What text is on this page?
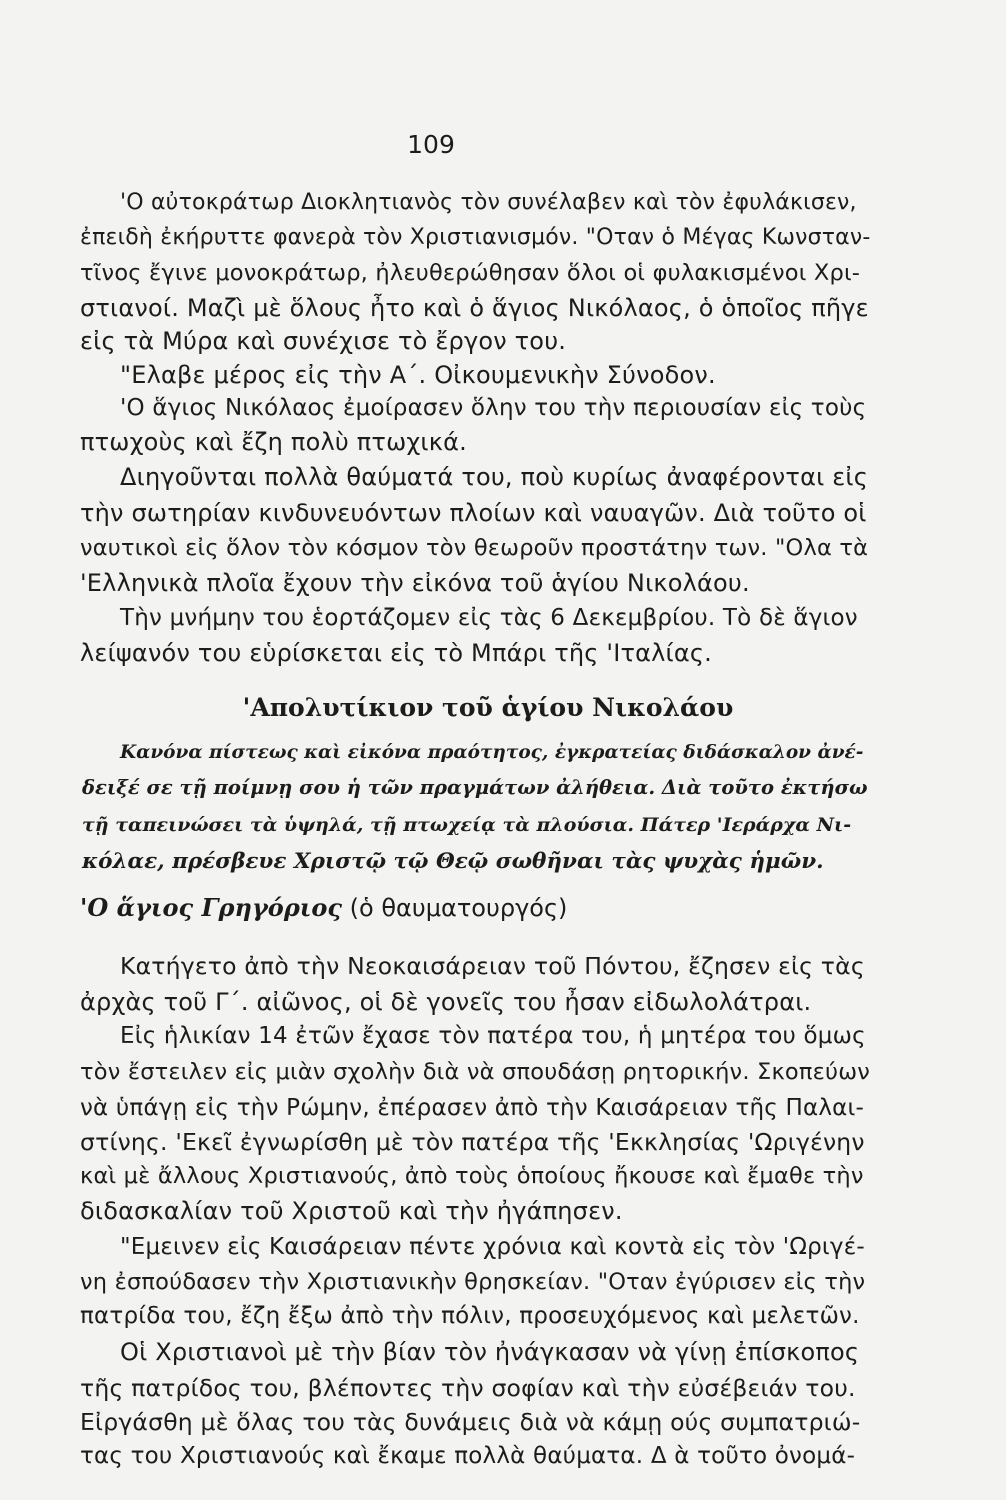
109
'Ο αὐτοκράτωρ Διοκλητιανὸς τὸν συνέλαβεν καὶ τὸν ἐφυλάκισεν,
ἐπειδὴ ἐκήρυττε φανερὰ τὸν Χριστιανισμόν. "Οταν ὁ Μέγας Κωνσταν-
τῖνος ἔγινε μονοκράτωρ, ἠλευθερώθησαν ὅλοι οἱ φυλακισμένοι Χρι-
στιανοί. Μαζὶ μὲ ὅλους ἦτο καὶ ὁ ἅγιος Νικόλαος, ὁ ὁποῖος πῆγε
εἰς τὰ Μύρα καὶ συνέχισε τὸ ἔργον του.
"Ελαβε μέρος εἰς τὴν Α΄. Οἰκουμενικὴν Σύνοδον.
'Ο ἅγιος Νικόλαος ἐμοίρασεν ὅλην του τὴν περιουσίαν εἰς τοὺς
πτωχοὺς καὶ ἔζη πολὺ πτωχικά.
Διηγοῦνται πολλὰ θαύματά του, ποὺ κυρίως ἀναφέρονται εἰς
τὴν σωτηρίαν κινδυνευόντων πλοίων καὶ ναυαγῶν. Διὰ τοῦτο οἱ
ναυτικοὶ εἰς ὅλον τὸν κόσμον τὸν θεωροῦν προστάτην των. "Ολα τὰ
'Ελληνικὰ πλοῖα ἔχουν τὴν εἰκόνα τοῦ ἁγίου Νικολάου.
Τὴν μνήμην του ἑορτάζομεν εἰς τὰς 6 Δεκεμβρίου. Τὸ δὲ ἅγιον
λείψανόν του εὑρίσκεται εἰς τὸ Μπάρι τῆς 'Ιταλίας.
'Απολυτίκιον τοῦ ἁγίου Νικολάου
Κανόνα πίστεως καὶ εἰκόνα πραότητος, ἐγκρατείας διδάσκαλον ἀνέ-
δειξέ σε τῇ ποίμνῃ σου ἡ τῶν πραγμάτων ἀλήθεια. Διὰ τοῦτο ἐκτήσω
τῇ ταπεινώσει τὰ ὑψηλά, τῇ πτωχείᾳ τὰ πλούσια. Πάτερ 'Ιεράρχα Νι-
κόλαε, πρέσβευε Χριστῷ τῷ Θεῷ σωθῆναι τὰς ψυχὰς ἡμῶν.
'Ο ἅγιος Γρηγόριος (ὁ θαυματουργός)
Κατήγετο ἀπὸ τὴν Νεοκαισάρειαν τοῦ Πόντου, ἔζησεν εἰς τὰς
ἀρχὰς τοῦ Γ΄. αἰῶνος, οἱ δὲ γονεῖς του ἦσαν εἰδωλολάτραι.
Εἰς ἡλικίαν 14 ἐτῶν ἔχασε τὸν πατέρα του, ἡ μητέρα του ὅμως
τὸν ἔστειλεν εἰς μιὰν σχολὴν διὰ νὰ σπουδάσῃ ρητορικήν. Σκοπεύων
νὰ ὑπάγῃ εἰς τὴν Ρώμην, ἐπέρασεν ἀπὸ τὴν Καισάρειαν τῆς Παλαι-
στίνης. 'Εκεῖ ἐγνωρίσθη μὲ τὸν πατέρα τῆς 'Εκκλησίας 'Ωριγένην
καὶ μὲ ἄλλους Χριστιανούς, ἀπὸ τοὺς ὁποίους ἤκουσε καὶ ἔμαθε τὴν
διδασκαλίαν τοῦ Χριστοῦ καὶ τὴν ἠγάπησεν.
"Εμεινεν εἰς Καισάρειαν πέντε χρόνια καὶ κοντὰ εἰς τὸν 'Ωριγέ-
νη ἐσπούδασεν τὴν Χριστιανικὴν θρησκείαν. "Οταν ἐγύρισεν εἰς τὴν
πατρίδα του, ἔζη ἔξω ἀπὸ τὴν πόλιν, προσευχόμενος καὶ μελετῶν.
Οἱ Χριστιανοὶ μὲ τὴν βίαν τὸν ἠνάγκασαν νὰ γίνῃ ἐπίσκοπος
τῆς πατρίδος του, βλέποντες τὴν σοφίαν καὶ τὴν εὐσέβειάν του.
Εἰργάσθη μὲ ὅλας του τὰς δυνάμεις διὰ νὰ κάμῃ ούς συμπατριώ-
τας του Χριστιανούς καὶ ἔκαμε πολλὰ θαύματα. Δ ὰ τοῦτο ὀνομά-
